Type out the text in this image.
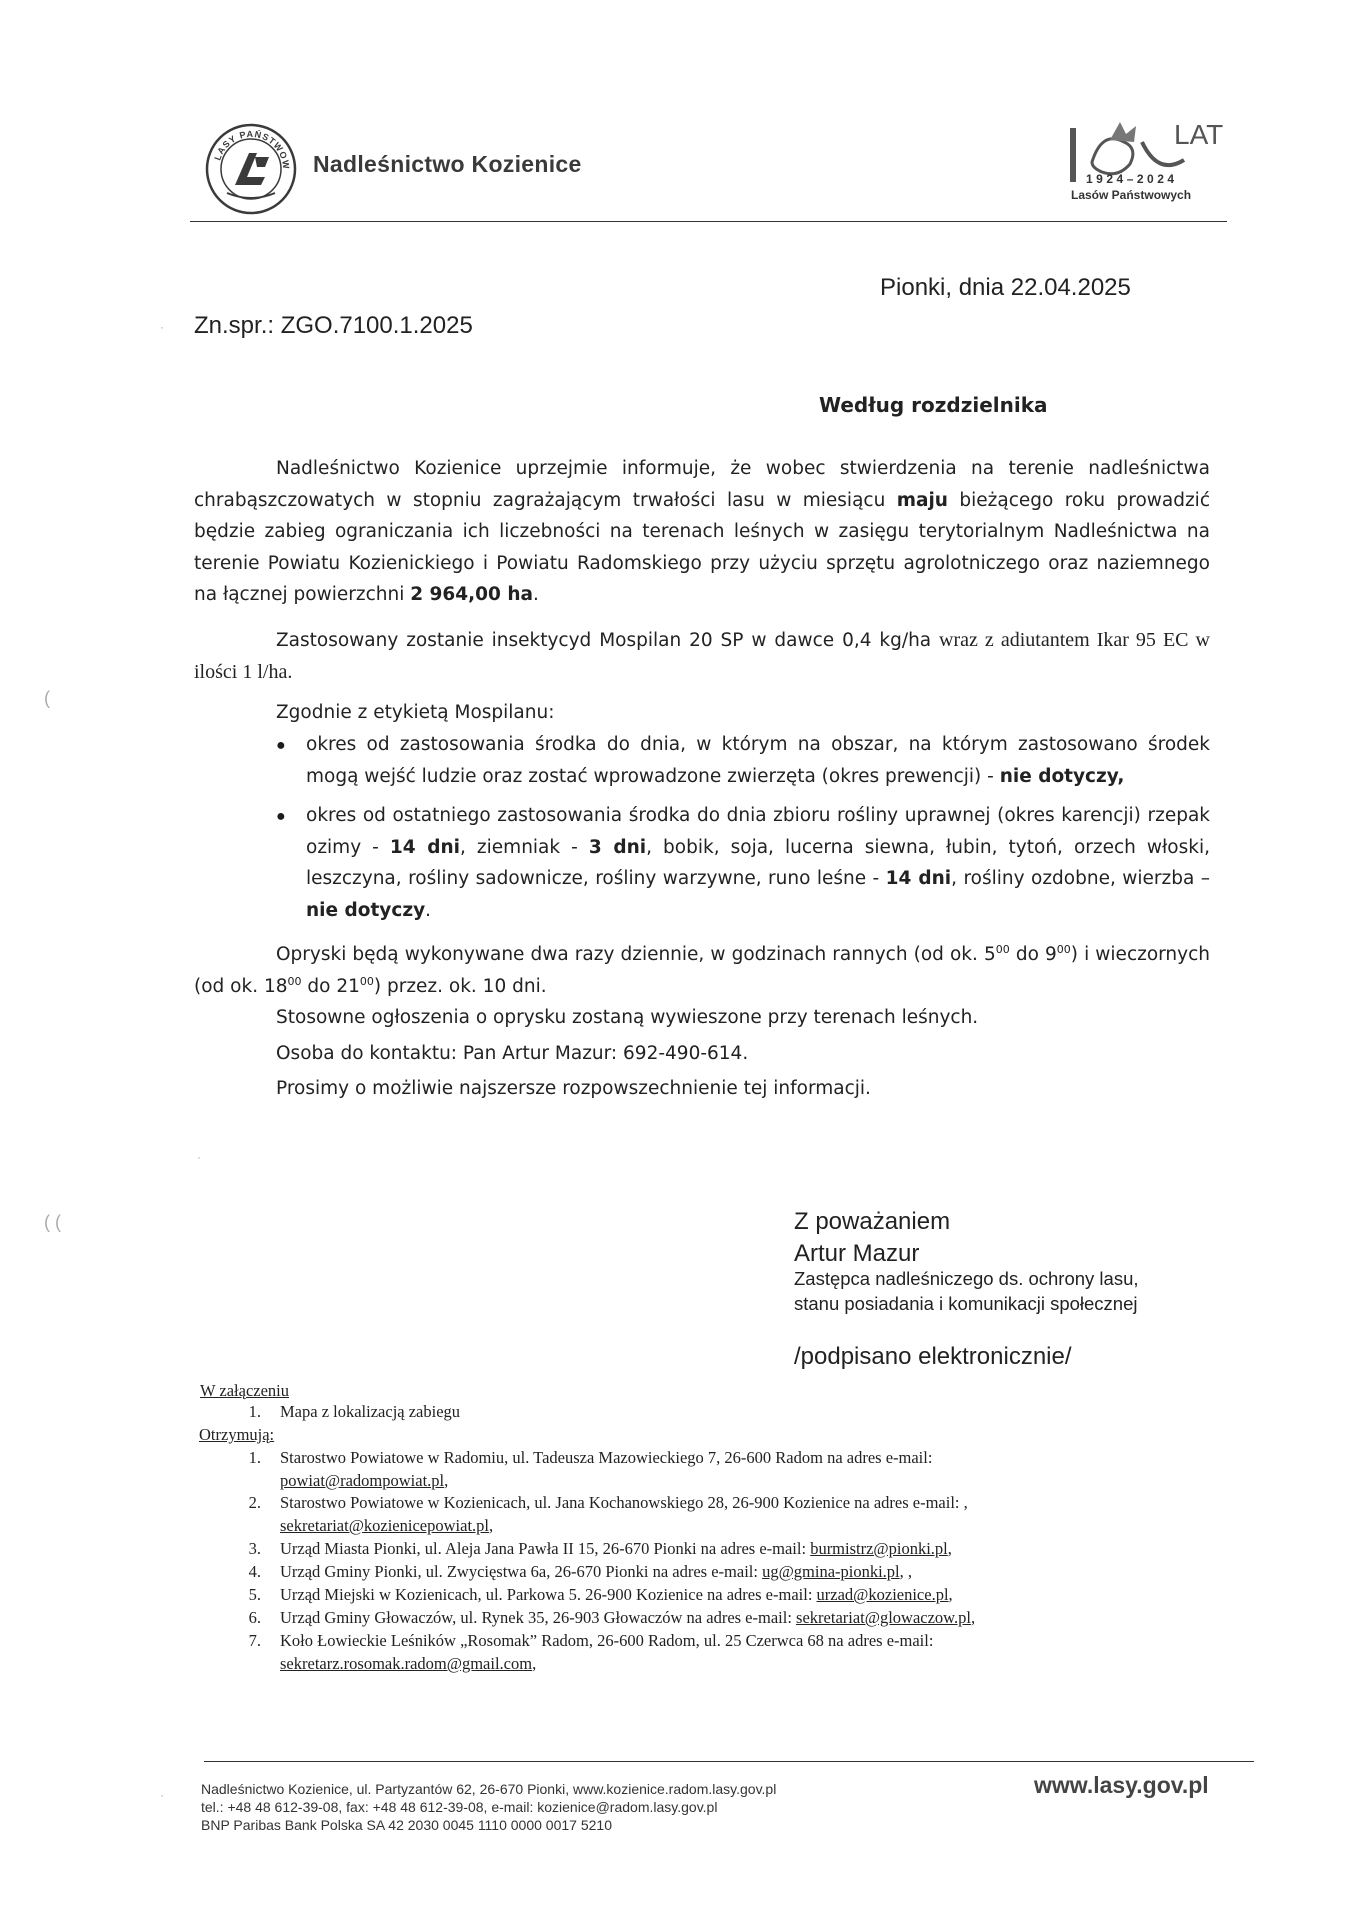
LASY PAŃSTWOW Nadleśnictwo Kozienice
LAT
1924–2024
Lasów Państwowych
Pionki, dnia 22.04.2025
Zn.spr.: ZGO.7100.1.2025
Według rozdzielnika
Nadleśnictwo Kozienice uprzejmie informuje, że wobec stwierdzenia na terenie nadleśnictwa chrabąszczowatych w stopniu zagrażającym trwałości lasu w miesiącu maju bieżącego roku prowadzić będzie zabieg ograniczania ich liczebności na terenach leśnych w zasięgu terytorialnym Nadleśnictwa na terenie Powiatu Kozienickiego i Powiatu Radomskiego przy użyciu sprzętu agrolotniczego oraz naziemnego na łącznej powierzchni 2 964,00 ha.
Zastosowany zostanie insektycyd Mospilan 20 SP w dawce 0,4 kg/ha wraz z adiutantem Ikar 95 EC w ilości 1 l/ha.
Zgodnie z etykietą Mospilanu:
● okres od zastosowania środka do dnia, w którym na obszar, na którym zastosowano środek mogą wejść ludzie oraz zostać wprowadzone zwierzęta (okres prewencji) - nie dotyczy,
● okres od ostatniego zastosowania środka do dnia zbioru rośliny uprawnej (okres karencji) rzepak ozimy - 14 dni, ziemniak - 3 dni, bobik, soja, lucerna siewna, łubin, tytoń, orzech włoski, leszczyna, rośliny sadownicze, rośliny warzywne, runo leśne - 14 dni, rośliny ozdobne, wierzba – nie dotyczy.
Opryski będą wykonywane dwa razy dziennie, w godzinach rannych (od ok. $5^{00}$ do $9^{00}$) i wieczornych (od ok. $18^{00}$ do $21^{00}$) przez. ok. 10 dni.
Stosowne ogłoszenia o oprysku zostaną wywieszone przy terenach leśnych.
Osoba do kontaktu: Pan Artur Mazur: 692-490-614.
Prosimy o możliwie najszersze rozpowszechnienie tej informacji.
Z poważaniem
Artur Mazur
Zastępca nadleśniczego ds. ochrony lasu,
stanu posiadania i komunikacji społecznej
/podpisano elektronicznie/
W załączeniu
1. Mapa z lokalizacją zabiegu
Otrzymują:
1. Starostwo Powiatowe w Radomiu, ul. Tadeusza Mazowieckiego 7, 26-600 Radom na adres e-mail:
powiat@radompowiat.pl,
2. Starostwo Powiatowe w Kozienicach, ul. Jana Kochanowskiego 28, 26-900 Kozienice na adres e-mail: ,
sekretariat@kozienicepowiat.pl,
3. Urząd Miasta Pionki, ul. Aleja Jana Pawła II 15, 26-670 Pionki na adres e-mail: burmistrz@pionki.pl,
4. Urząd Gminy Pionki, ul. Zwycięstwa 6a, 26-670 Pionki na adres e-mail: ug@gmina-pionki.pl, ,
5. Urząd Miejski w Kozienicach, ul. Parkowa 5. 26-900 Kozienice na adres e-mail: urzad@kozienice.pl,
6. Urząd Gminy Głowaczów, ul. Rynek 35, 26-903 Głowaczów na adres e-mail: sekretariat@glowaczow.pl,
7. Koło Łowieckie Leśników „Rosomak” Radom, 26-600 Radom, ul. 25 Czerwca 68 na adres e-mail:
sekretarz.rosomak.radom@gmail.com,
Nadleśnictwo Kozienice, ul. Partyzantów 62, 26-670 Pionki, www.kozienice.radom.lasy.gov.pl
tel.: +48 48 612-39-08, fax: +48 48 612-39-08, e-mail: kozienice@radom.lasy.gov.pl
BNP Paribas Bank Polska SA 42 2030 0045 1110 0000 0017 5210
www.lasy.gov.pl
(
( (
·
·
·
